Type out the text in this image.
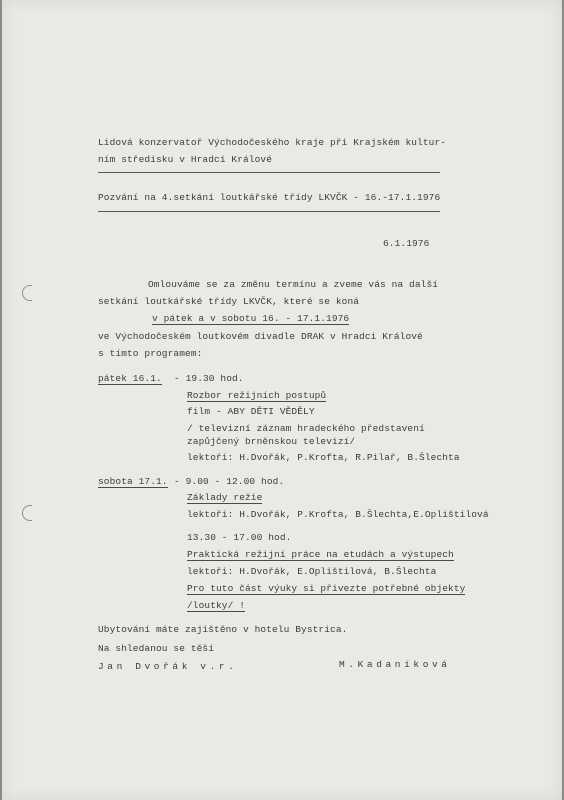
Lidová konzervatoř Východočeského kraje při Krajském kultur-
ním středisku v Hradci Králové
Pozvání na 4.setkání loutkářské třídy LKVČK - 16.-17.1.1976
6.1.1976
Omlouváme se za změnu termínu a zveme vás na další
setkání loutkářské třídy LKVČK, které se koná
v pátek a v sobotu 16. - 17.1.1976
ve Východočeském loutkovém divadle DRAK v Hradci Králové
s tímto programem:
pátek 16.1. - 19.30 hod.
Rozbor režijních postupů
film - ABY DĚTI VĚDĚLY
/ televizní záznam hradeckého představení
zapůjčený brněnskou televizí/
lektoři: H.Dvořák, P.Krofta, R.Pilař, B.Šlechta
sobota 17.1. - 9.00 - 12.00 hod.
Základy režie
lektoři: H.Dvořák, P.Krofta, B.Šlechta,E.Oplištilová
13.30 - 17.00 hod.
Praktická režijní práce na etudách a výstupech
lektoři: H.Dvořák, E.Oplištilová, B.Šlechta
Pro tuto část výuky si přivezte potřebné objekty
/loutky/ !
Ubytování máte zajištěno v hotelu Bystrica.
Na shledanou se těší
Jan Dvořák v.r.	M.Kadaníková
